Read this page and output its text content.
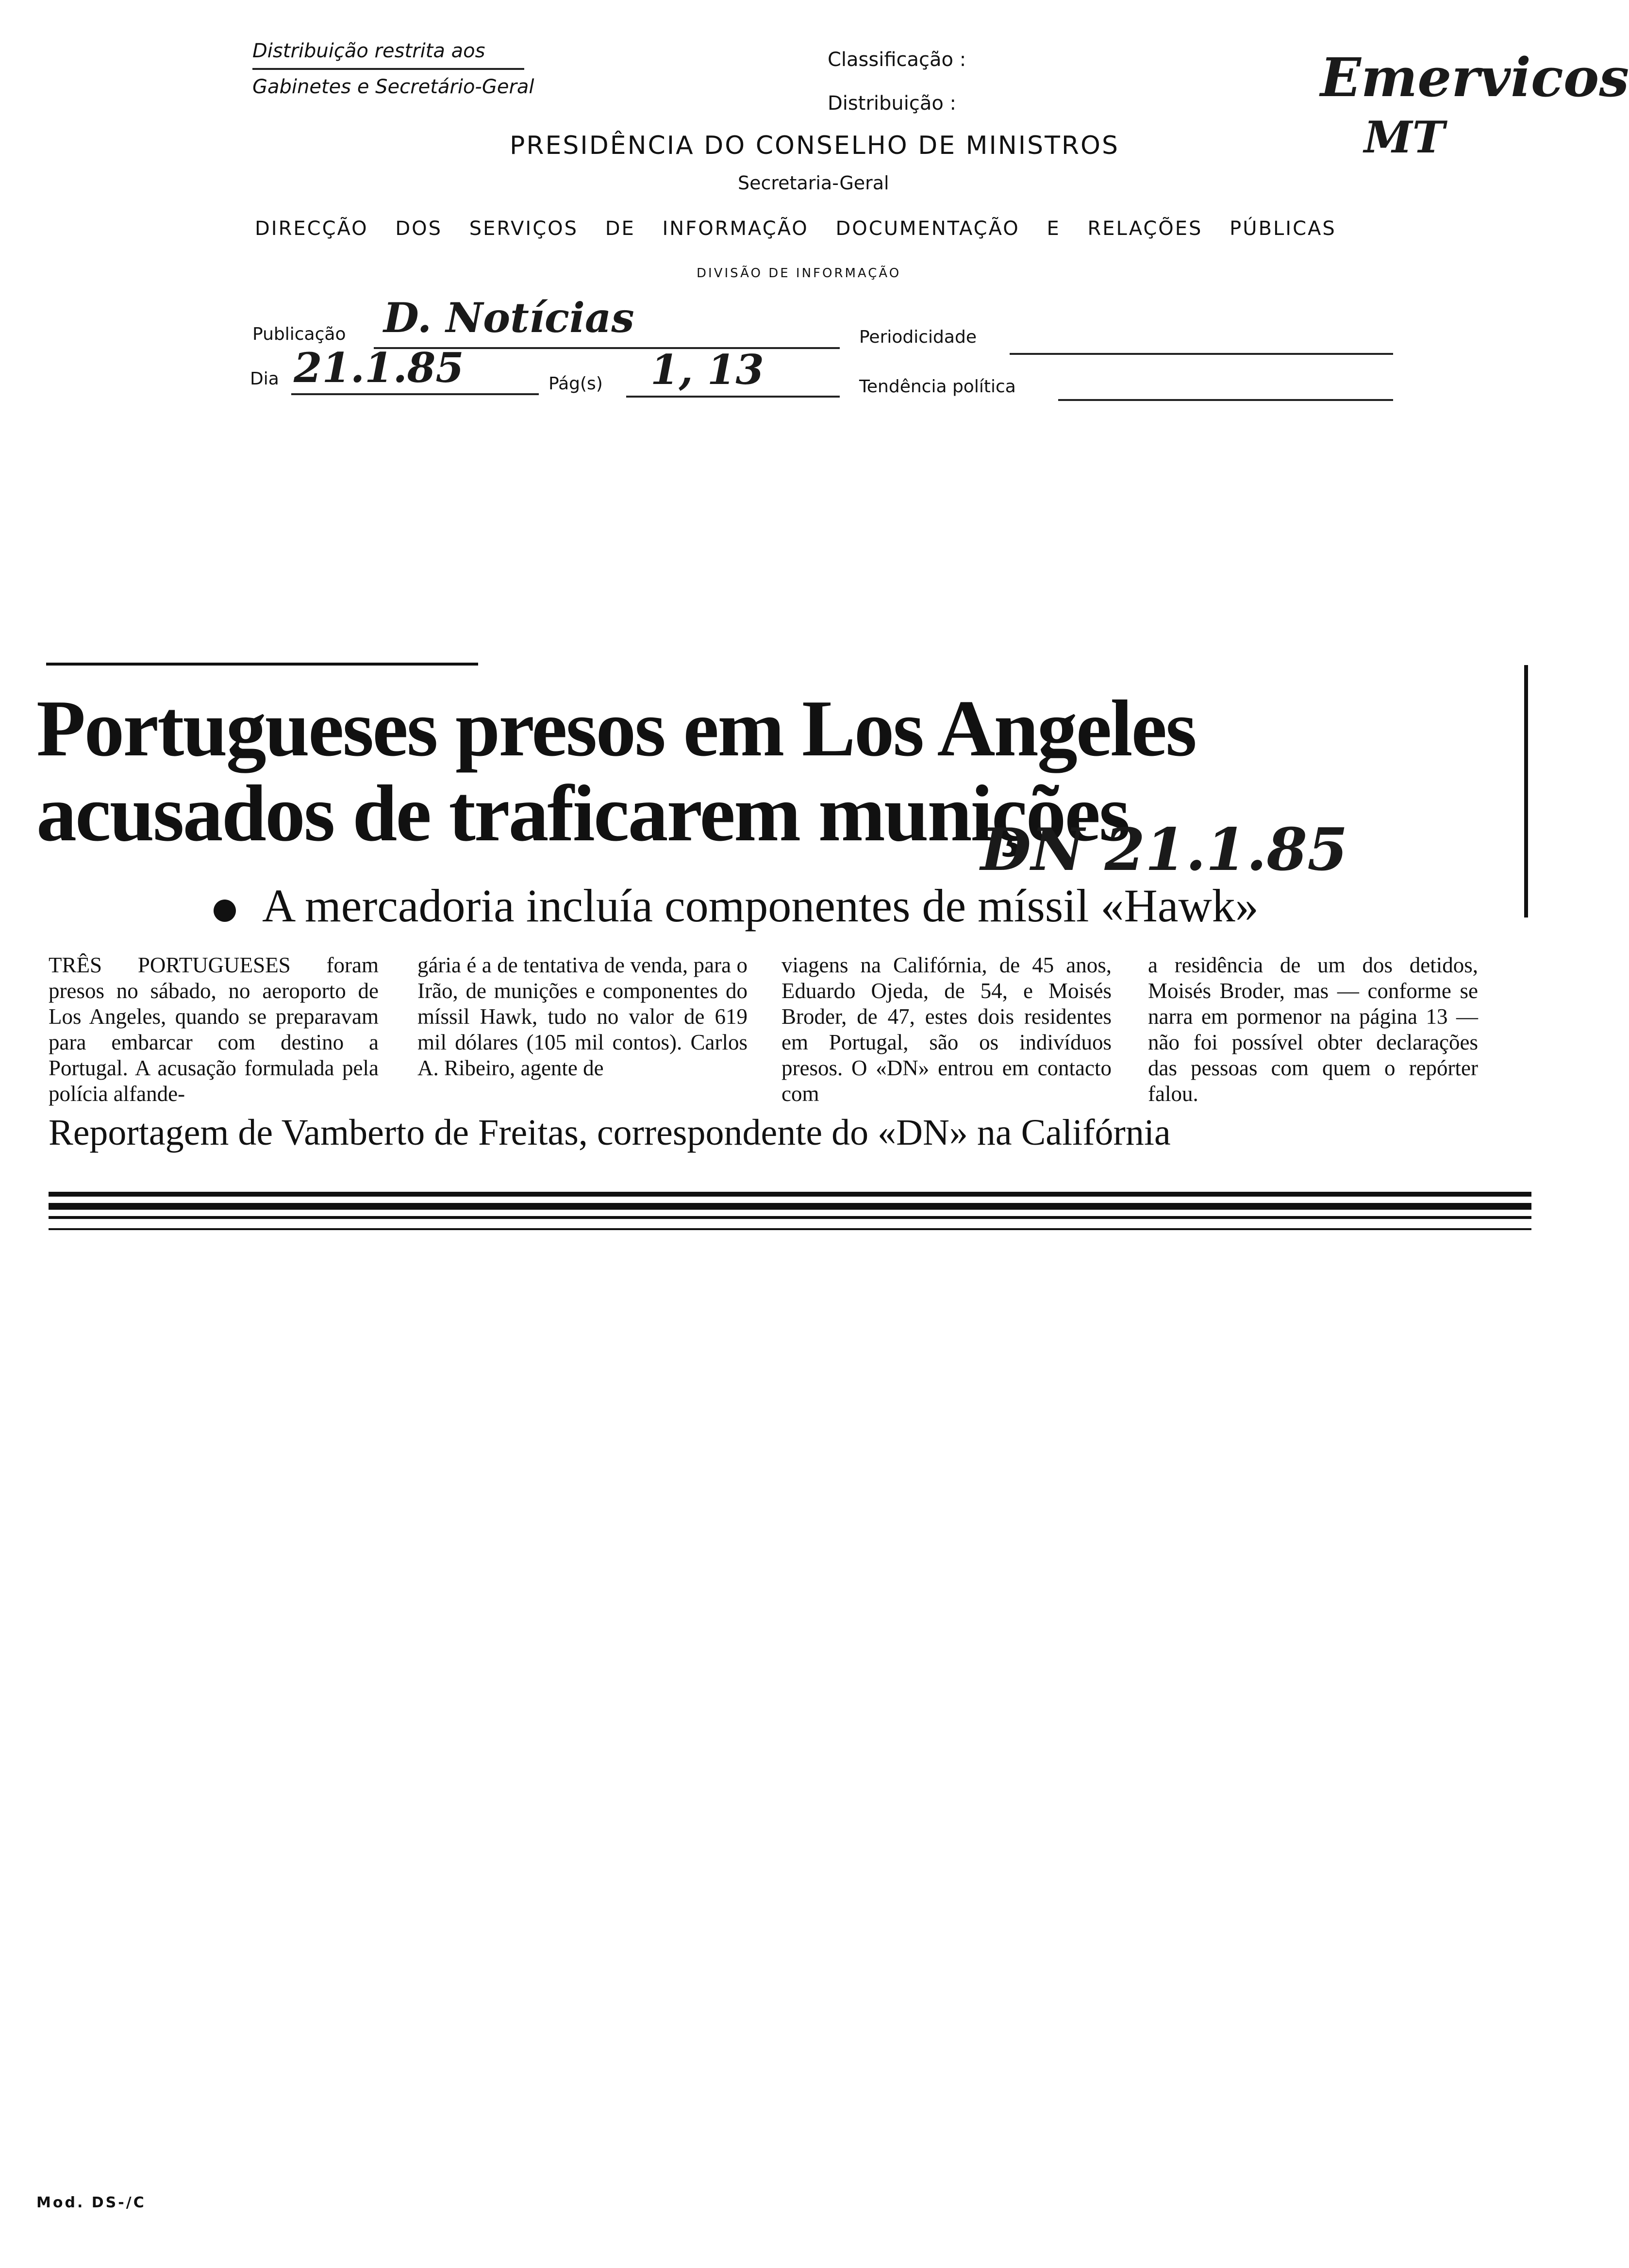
Distribuição restrita aos
Gabinetes e Secretário-Geral
Classificação :
Distribuição :	Emervicos
MT
PRESIDÊNCIA DO CONSELHO DE MINISTROS
Secretaria-Geral
DIRECÇÃO DOS SERVIÇOS DE INFORMAÇÃO DOCUMENTAÇÃO E RELAÇÕES PÚBLICAS
DIVISÃO DE INFORMAÇÃO
Publicação D. Notícias	Periodicidade
Dia 21.1.85	Pág(s) 1, 13	Tendência política
Portugueses presos em Los Angeles
acusados de traficarem munições
DN 21.1.85
A mercadoria incluía componentes de míssil «Hawk»
TRÊS PORTUGUESES foram presos no sábado, no aeroporto de Los Angeles, quando se preparavam para embarcar com destino a Portugal. A acusação formulada pela polícia alfande-
gária é a de tentativa de venda, para o Irão, de munições e componentes do míssil Hawk, tudo no valor de 619 mil dólares (105 mil contos). Carlos A. Ribeiro, agente de
viagens na Califórnia, de 45 anos, Eduardo Ojeda, de 54, e Moisés Broder, de 47, estes dois residentes em Portugal, são os indivíduos presos. O «DN» entrou em contacto com
a residência de um dos detidos, Moisés Broder, mas — conforme se narra em pormenor na página 13 — não foi possível obter declarações das pessoas com quem o repórter falou.
Reportagem de Vamberto de Freitas, correspondente do «DN» na Califórnia
Mod. DS-/C
